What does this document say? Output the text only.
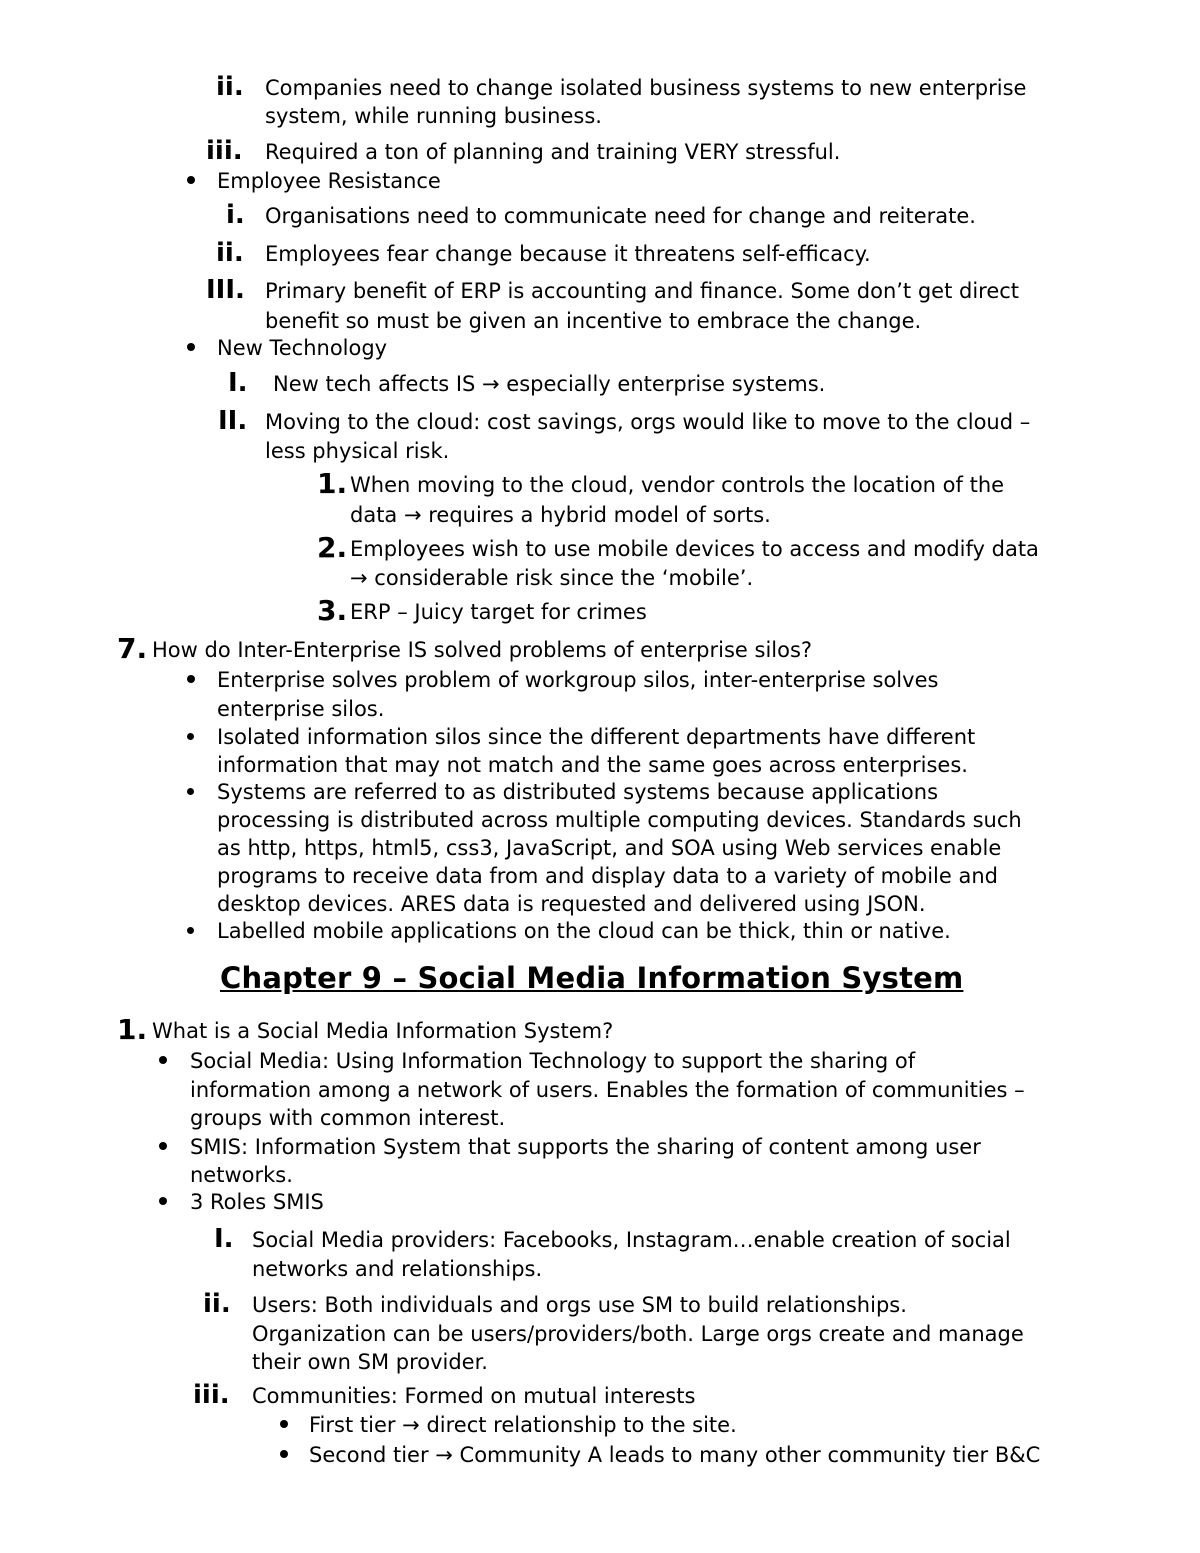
ii. Companies need to change isolated business systems to new enterprise
system, while running business.
iii. Required a ton of planning and training VERY stressful.
Employee Resistance
i. Organisations need to communicate need for change and reiterate.
ii. Employees fear change because it threatens self-efficacy.
III. Primary benefit of ERP is accounting and finance. Some don’t get direct
benefit so must be given an incentive to embrace the change.
New Technology
I. New tech affects IS → especially enterprise systems.
II. Moving to the cloud: cost savings, orgs would like to move to the cloud –
less physical risk.
1. When moving to the cloud, vendor controls the location of the
data → requires a hybrid model of sorts.
2. Employees wish to use mobile devices to access and modify data
→ considerable risk since the ‘mobile’.
3. ERP – Juicy target for crimes
7. How do Inter-Enterprise IS solved problems of enterprise silos?
Enterprise solves problem of workgroup silos, inter-enterprise solves
enterprise silos.
Isolated information silos since the different departments have different
information that may not match and the same goes across enterprises.
Systems are referred to as distributed systems because applications
processing is distributed across multiple computing devices. Standards such
as http, https, html5, css3, JavaScript, and SOA using Web services enable
programs to receive data from and display data to a variety of mobile and
desktop devices. ARES data is requested and delivered using JSON.
Labelled mobile applications on the cloud can be thick, thin or native.
Chapter 9 – Social Media Information System
1. What is a Social Media Information System?
Social Media: Using Information Technology to support the sharing of
information among a network of users. Enables the formation of communities –
groups with common interest.
SMIS: Information System that supports the sharing of content among user
networks.
3 Roles SMIS
I. Social Media providers: Facebooks, Instagram…enable creation of social
networks and relationships.
ii. Users: Both individuals and orgs use SM to build relationships.
Organization can be users/providers/both. Large orgs create and manage
their own SM provider.
iii. Communities: Formed on mutual interests
First tier → direct relationship to the site.
Second tier → Community A leads to many other community tier B&C
